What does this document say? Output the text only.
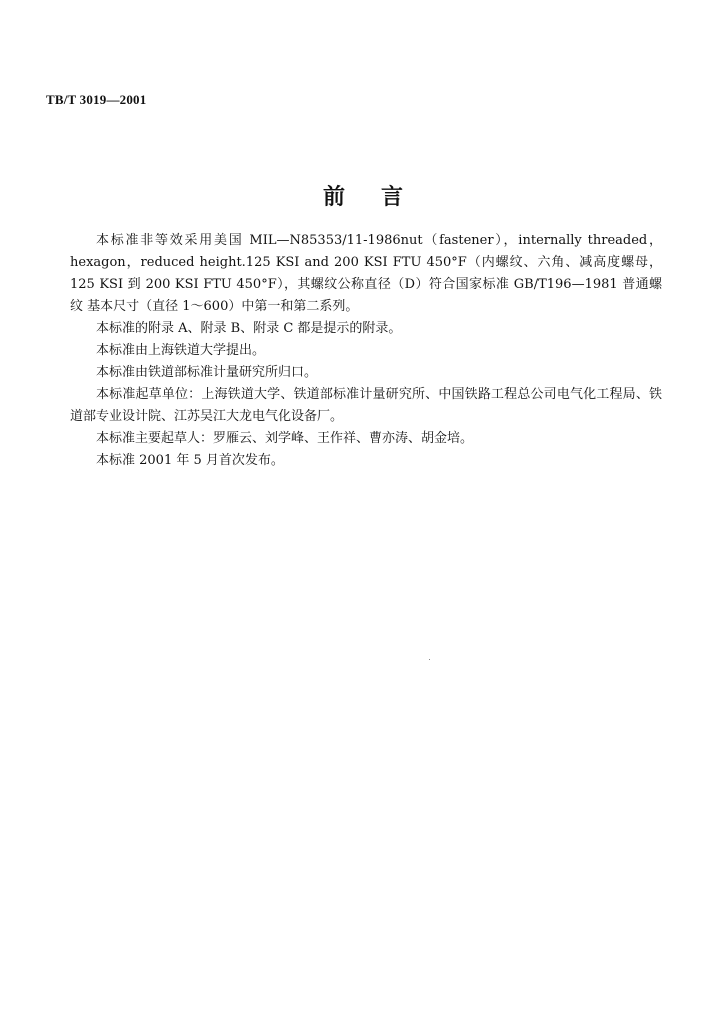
TB/T 3019—2001
前言

本标准非等效采用美国 MIL—N85353/11-1986nut（fastener），internally threaded，hexagon，reduced height.125 KSI and 200 KSI FTU 450°F（内螺纹、六角、减高度螺母，125 KSI 到 200 KSI FTU 450°F），其螺纹公称直径（D）符合国家标准 GB/T196—1981 普通螺纹 基本尺寸（直径 1～600）中第一和第二系列。

本标准的附录 A、附录 B、附录 C 都是提示的附录。

本标准由上海铁道大学提出。

本标准由铁道部标准计量研究所归口。

本标准起草单位：上海铁道大学、铁道部标准计量研究所、中国铁路工程总公司电气化工程局、铁道部专业设计院、江苏吴江大龙电气化设备厂。

本标准主要起草人：罗雁云、刘学峰、王作祥、曹亦涛、胡金培。

本标准 2001 年 5 月首次发布。
